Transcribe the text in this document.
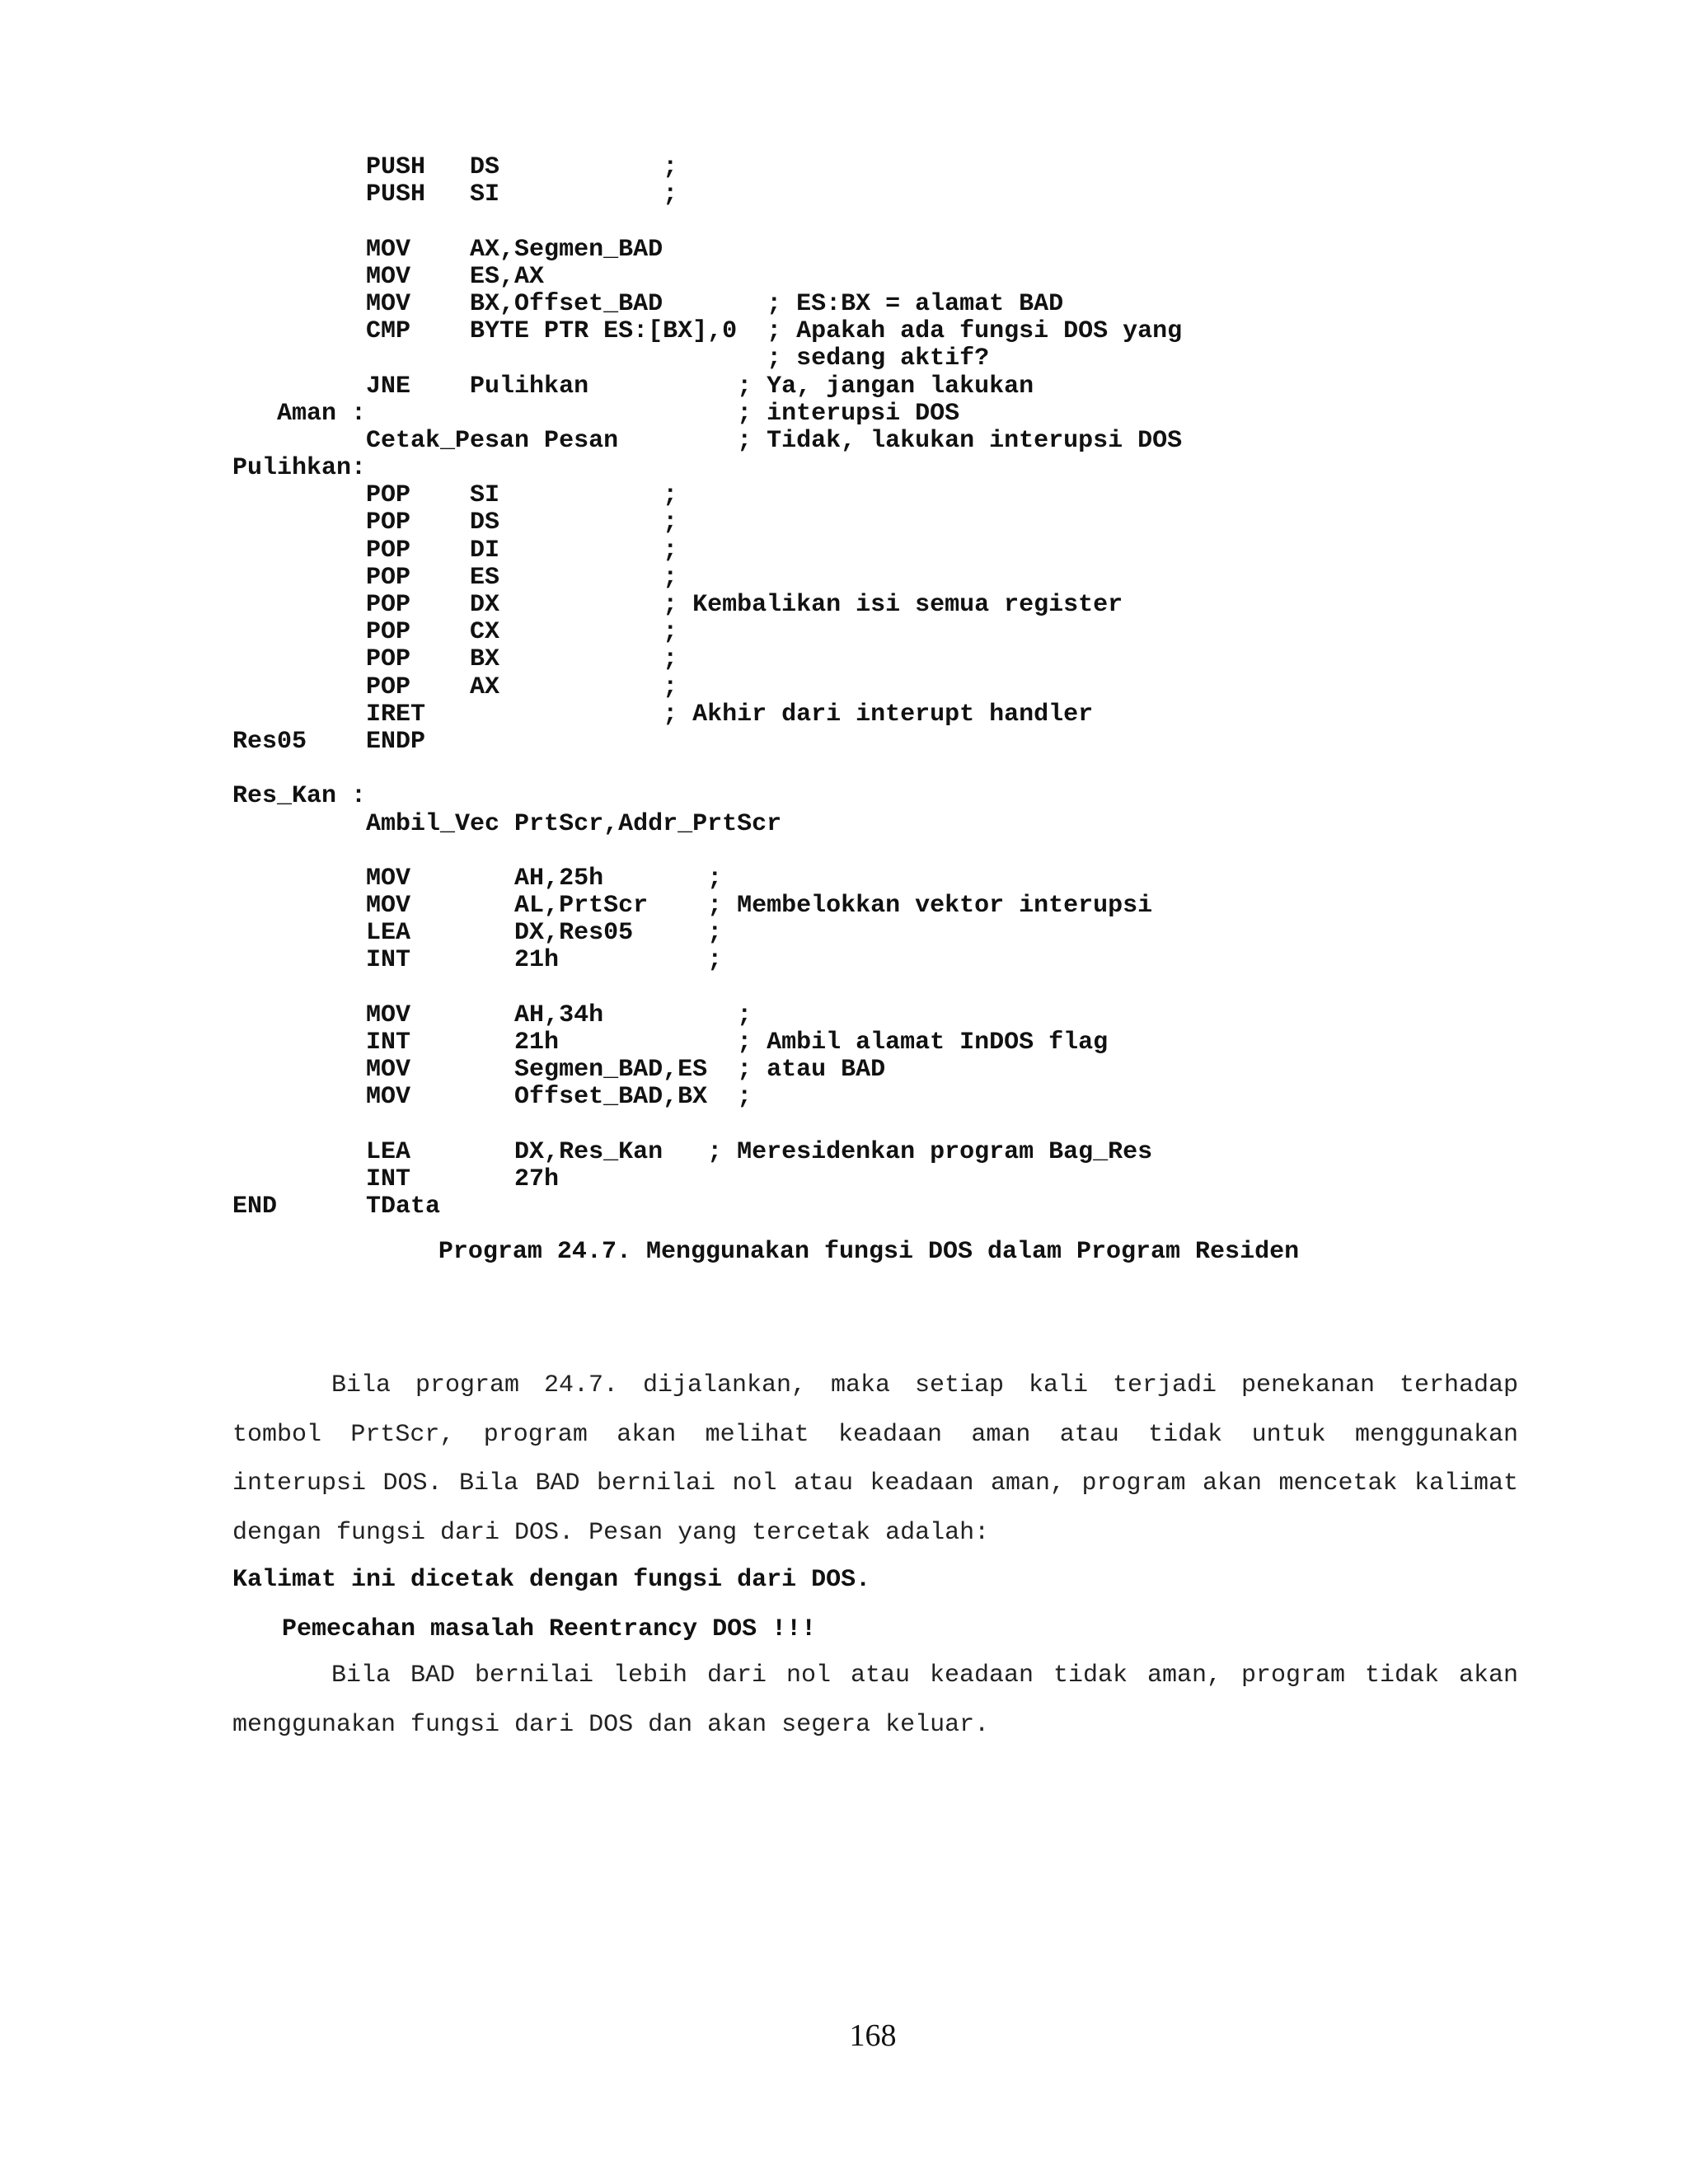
PUSH   DS           ;
PUSH   SI           ;
MOV    AX,Segmen_BAD
MOV    ES,AX
MOV    BX,Offset_BAD       ; ES:BX = alamat BAD
CMP    BYTE PTR ES:[BX],0  ; Apakah ada fungsi DOS yang
; sedang aktif?
JNE    Pulihkan          ; Ya, jangan lakukan
Aman :                         ; interupsi DOS
Cetak_Pesan Pesan        ; Tidak, lakukan interupsi DOS
Pulihkan:
POP    SI           ;
POP    DS           ;
POP    DI           ;
POP    ES           ;
POP    DX           ; Kembalikan isi semua register
POP    CX           ;
POP    BX           ;
POP    AX           ;
IRET                ; Akhir dari interupt handler
Res05    ENDP
Res_Kan :
Ambil_Vec PrtScr,Addr_PrtScr
MOV       AH,25h       ;
MOV       AL,PrtScr    ; Membelokkan vektor interupsi
LEA       DX,Res05     ;
INT       21h          ;
MOV       AH,34h         ;
INT       21h            ; Ambil alamat InDOS flag
MOV       Segmen_BAD,ES  ; atau BAD
MOV       Offset_BAD,BX  ;
LEA       DX,Res_Kan   ; Meresidenkan program Bag_Res
INT       27h
END      TData
Program 24.7. Menggunakan fungsi DOS dalam Program Residen

Bila program 24.7. dijalankan, maka setiap kali terjadi penekanan terhadap tombol PrtScr, program akan melihat keadaan aman atau tidak untuk menggunakan interupsi DOS. Bila BAD bernilai nol atau keadaan aman, program akan mencetak kalimat dengan fungsi dari DOS. Pesan yang tercetak adalah:

Kalimat ini dicetak dengan fungsi dari DOS.
Pemecahan masalah Reentrancy DOS !!!

Bila BAD bernilai lebih dari nol atau keadaan tidak aman, program tidak akan menggunakan fungsi dari DOS dan akan segera keluar.

168
